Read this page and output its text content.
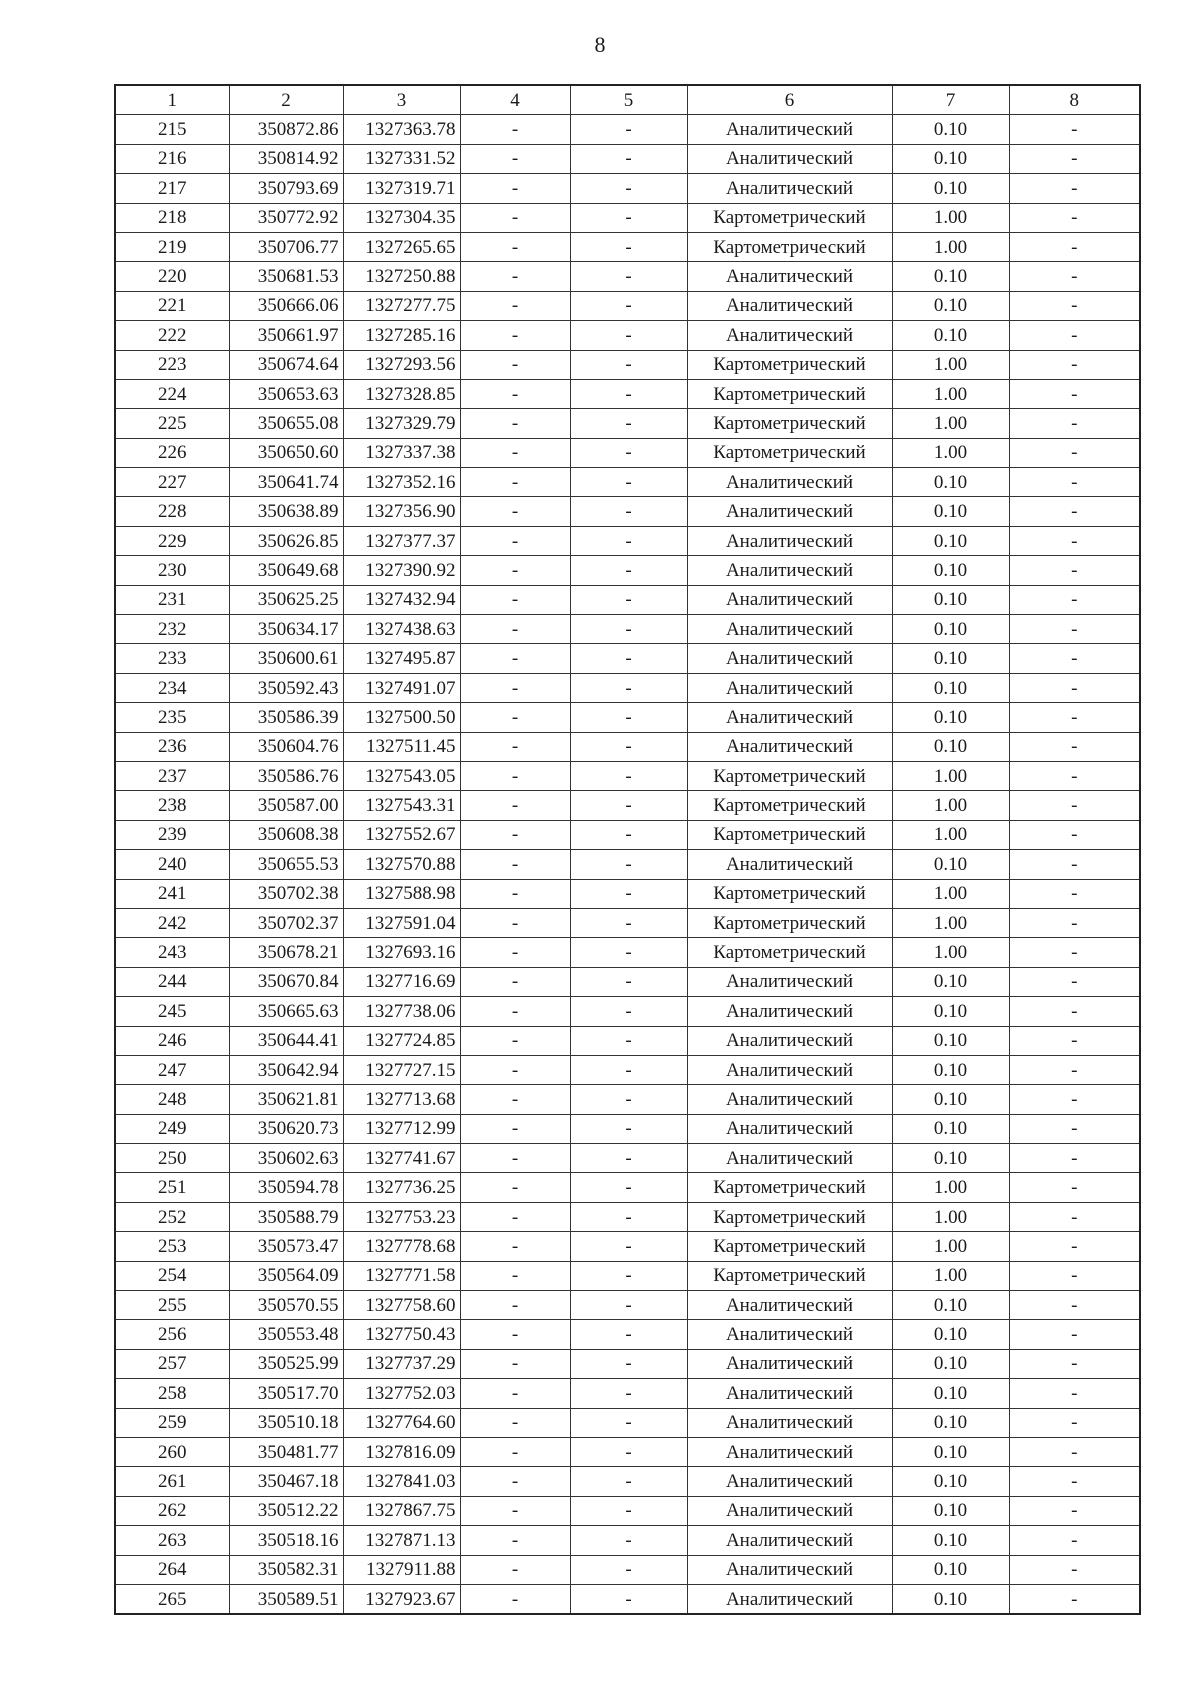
8
1	2	3	4	5	6	7	8
215	350872.86	1327363.78	-	-	Аналитический	0.10	-
216	350814.92	1327331.52	-	-	Аналитический	0.10	-
217	350793.69	1327319.71	-	-	Аналитический	0.10	-
218	350772.92	1327304.35	-	-	Картометрический	1.00	-
219	350706.77	1327265.65	-	-	Картометрический	1.00	-
220	350681.53	1327250.88	-	-	Аналитический	0.10	-
221	350666.06	1327277.75	-	-	Аналитический	0.10	-
222	350661.97	1327285.16	-	-	Аналитический	0.10	-
223	350674.64	1327293.56	-	-	Картометрический	1.00	-
224	350653.63	1327328.85	-	-	Картометрический	1.00	-
225	350655.08	1327329.79	-	-	Картометрический	1.00	-
226	350650.60	1327337.38	-	-	Картометрический	1.00	-
227	350641.74	1327352.16	-	-	Аналитический	0.10	-
228	350638.89	1327356.90	-	-	Аналитический	0.10	-
229	350626.85	1327377.37	-	-	Аналитический	0.10	-
230	350649.68	1327390.92	-	-	Аналитический	0.10	-
231	350625.25	1327432.94	-	-	Аналитический	0.10	-
232	350634.17	1327438.63	-	-	Аналитический	0.10	-
233	350600.61	1327495.87	-	-	Аналитический	0.10	-
234	350592.43	1327491.07	-	-	Аналитический	0.10	-
235	350586.39	1327500.50	-	-	Аналитический	0.10	-
236	350604.76	1327511.45	-	-	Аналитический	0.10	-
237	350586.76	1327543.05	-	-	Картометрический	1.00	-
238	350587.00	1327543.31	-	-	Картометрический	1.00	-
239	350608.38	1327552.67	-	-	Картометрический	1.00	-
240	350655.53	1327570.88	-	-	Аналитический	0.10	-
241	350702.38	1327588.98	-	-	Картометрический	1.00	-
242	350702.37	1327591.04	-	-	Картометрический	1.00	-
243	350678.21	1327693.16	-	-	Картометрический	1.00	-
244	350670.84	1327716.69	-	-	Аналитический	0.10	-
245	350665.63	1327738.06	-	-	Аналитический	0.10	-
246	350644.41	1327724.85	-	-	Аналитический	0.10	-
247	350642.94	1327727.15	-	-	Аналитический	0.10	-
248	350621.81	1327713.68	-	-	Аналитический	0.10	-
249	350620.73	1327712.99	-	-	Аналитический	0.10	-
250	350602.63	1327741.67	-	-	Аналитический	0.10	-
251	350594.78	1327736.25	-	-	Картометрический	1.00	-
252	350588.79	1327753.23	-	-	Картометрический	1.00	-
253	350573.47	1327778.68	-	-	Картометрический	1.00	-
254	350564.09	1327771.58	-	-	Картометрический	1.00	-
255	350570.55	1327758.60	-	-	Аналитический	0.10	-
256	350553.48	1327750.43	-	-	Аналитический	0.10	-
257	350525.99	1327737.29	-	-	Аналитический	0.10	-
258	350517.70	1327752.03	-	-	Аналитический	0.10	-
259	350510.18	1327764.60	-	-	Аналитический	0.10	-
260	350481.77	1327816.09	-	-	Аналитический	0.10	-
261	350467.18	1327841.03	-	-	Аналитический	0.10	-
262	350512.22	1327867.75	-	-	Аналитический	0.10	-
263	350518.16	1327871.13	-	-	Аналитический	0.10	-
264	350582.31	1327911.88	-	-	Аналитический	0.10	-
265	350589.51	1327923.67	-	-	Аналитический	0.10	-
